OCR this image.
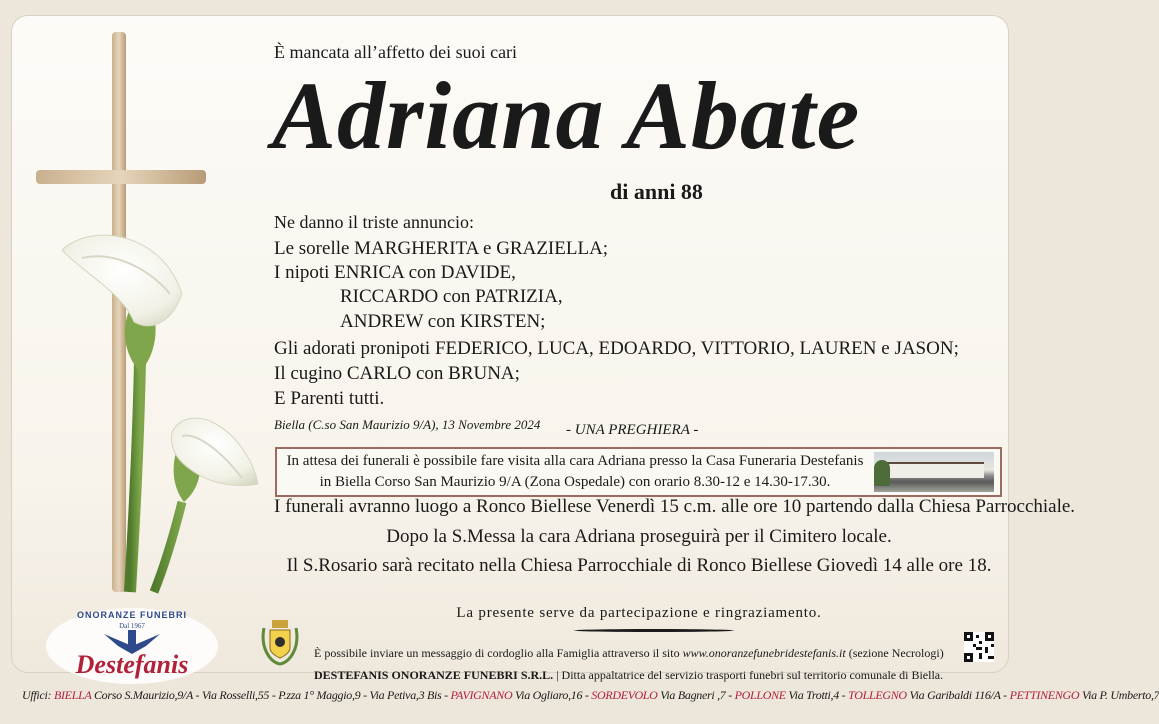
ONORANZE FUNEBRI
Dal 1967
Destefanis
È mancata all’affetto dei suoi cari
Adriana Abate
di anni 88
Ne danno il triste annuncio:
Le sorelle MARGHERITA e GRAZIELLA;
I nipoti ENRICA con DAVIDE,
RICCARDO con PATRIZIA,
ANDREW con KIRSTEN;
Gli adorati pronipoti FEDERICO, LUCA, EDOARDO, VITTORIO, LAUREN e JASON;
Il cugino CARLO con BRUNA;
E Parenti tutti.
Biella (C.so San Maurizio 9/A), 13 Novembre 2024 - UNA PREGHIERA -
In attesa dei funerali è possibile fare visita alla cara Adriana presso la Casa Funeraria Destefanis
in Biella Corso San Maurizio 9/A (Zona Ospedale) con orario 8.30-12 e 14.30-17.30.
I funerali avranno luogo a Ronco Biellese Venerdì 15 c.m. alle ore 10 partendo dalla Chiesa Parrocchiale.
Dopo la S.Messa la cara Adriana proseguirà per il Cimitero locale.
Il S.Rosario sarà recitato nella Chiesa Parrocchiale di Ronco Biellese Giovedì 14 alle ore 18.
La presente serve da partecipazione e ringraziamento.
È possibile inviare un messaggio di cordoglio alla Famiglia attraverso il sito www.onoranzefunebridestefanis.it (sezione Necrologi)
DESTEFANIS ONORANZE FUNEBRI S.R.L. | Ditta appaltatrice del servizio trasporti funebri sul territorio comunale di Biella.
Uffici: BIELLA Corso S.Maurizio,9/A - Via Rosselli,55 - P.zza 1° Maggio,9 - Via Petiva,3 Bis - PAVIGNANO Via Ogliaro,16 - SORDEVOLO Via Bagneri ,7 - POLLONE Via Trotti,4 - TOLLEGNO Via Garibaldi 116/A - PETTINENGO Via P. Umberto,7
